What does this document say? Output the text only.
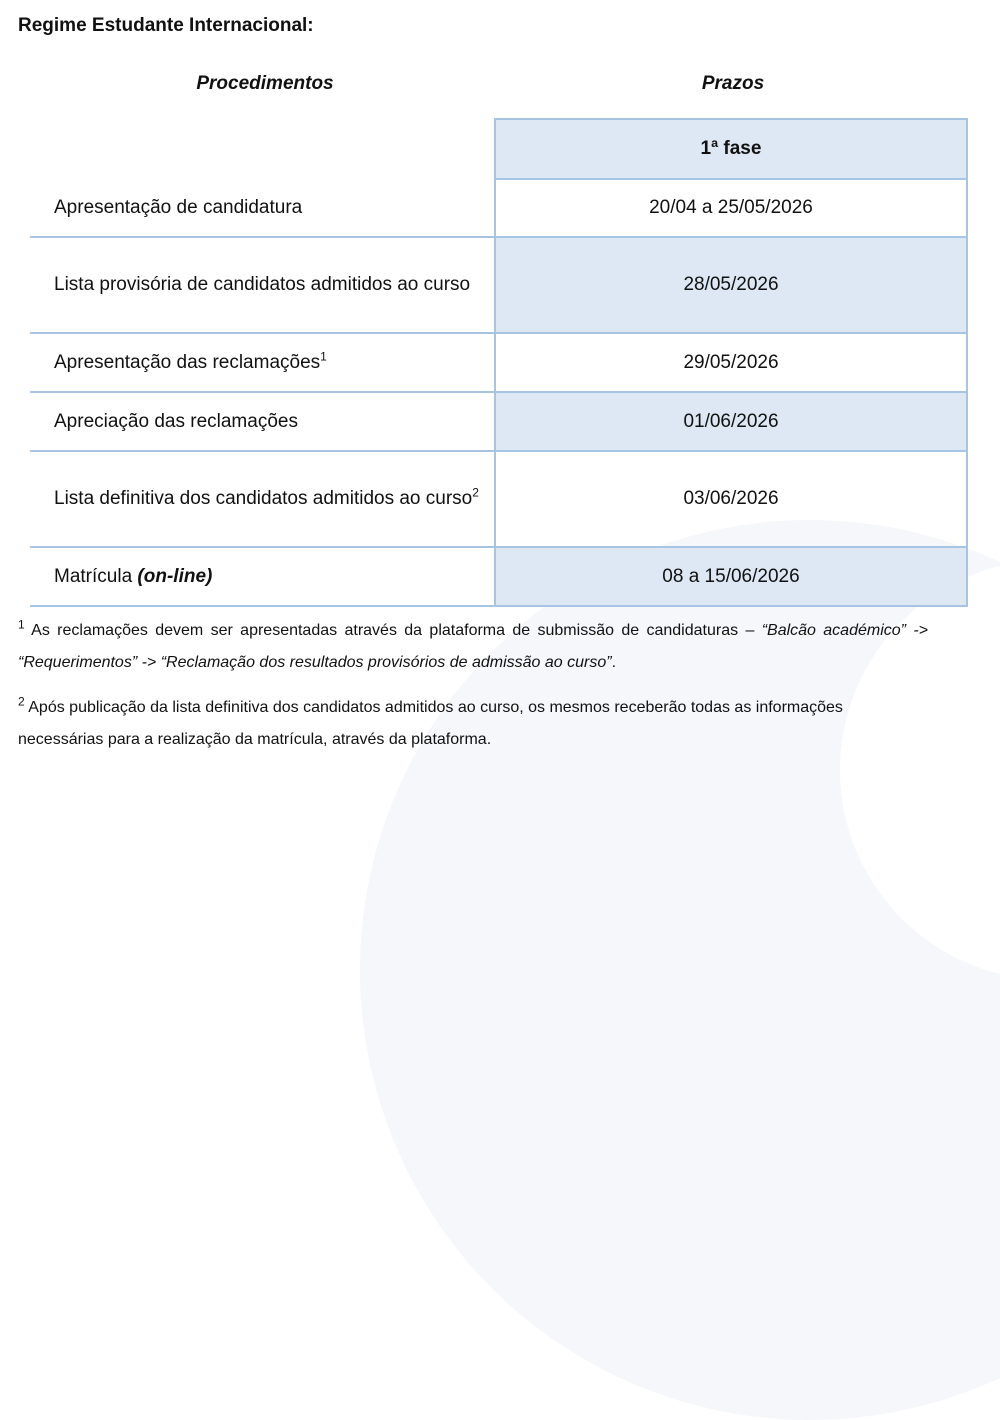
Regime Estudante Internacional:
Procedimentos	Prazos
	1ª fase
Apresentação de candidatura	20/04 a 25/05/2026
Lista provisória de candidatos admitidos ao curso	28/05/2026
Apresentação das reclamações$^1$	29/05/2026
Apreciação das reclamações	01/06/2026
Lista definitiva dos candidatos admitidos ao curso$^2$	03/06/2026
Matrícula (on-line)	08 a 15/06/2026
$^1$ As reclamações devem ser apresentadas através da plataforma de submissão de candidaturas – “Balcão académico” -> “Requerimentos” -> “Reclamação dos resultados provisórios de admissão ao curso”.
$^2$ Após publicação da lista definitiva dos candidatos admitidos ao curso, os mesmos receberão todas as informações necessárias para a realização da matrícula, através da plataforma.
